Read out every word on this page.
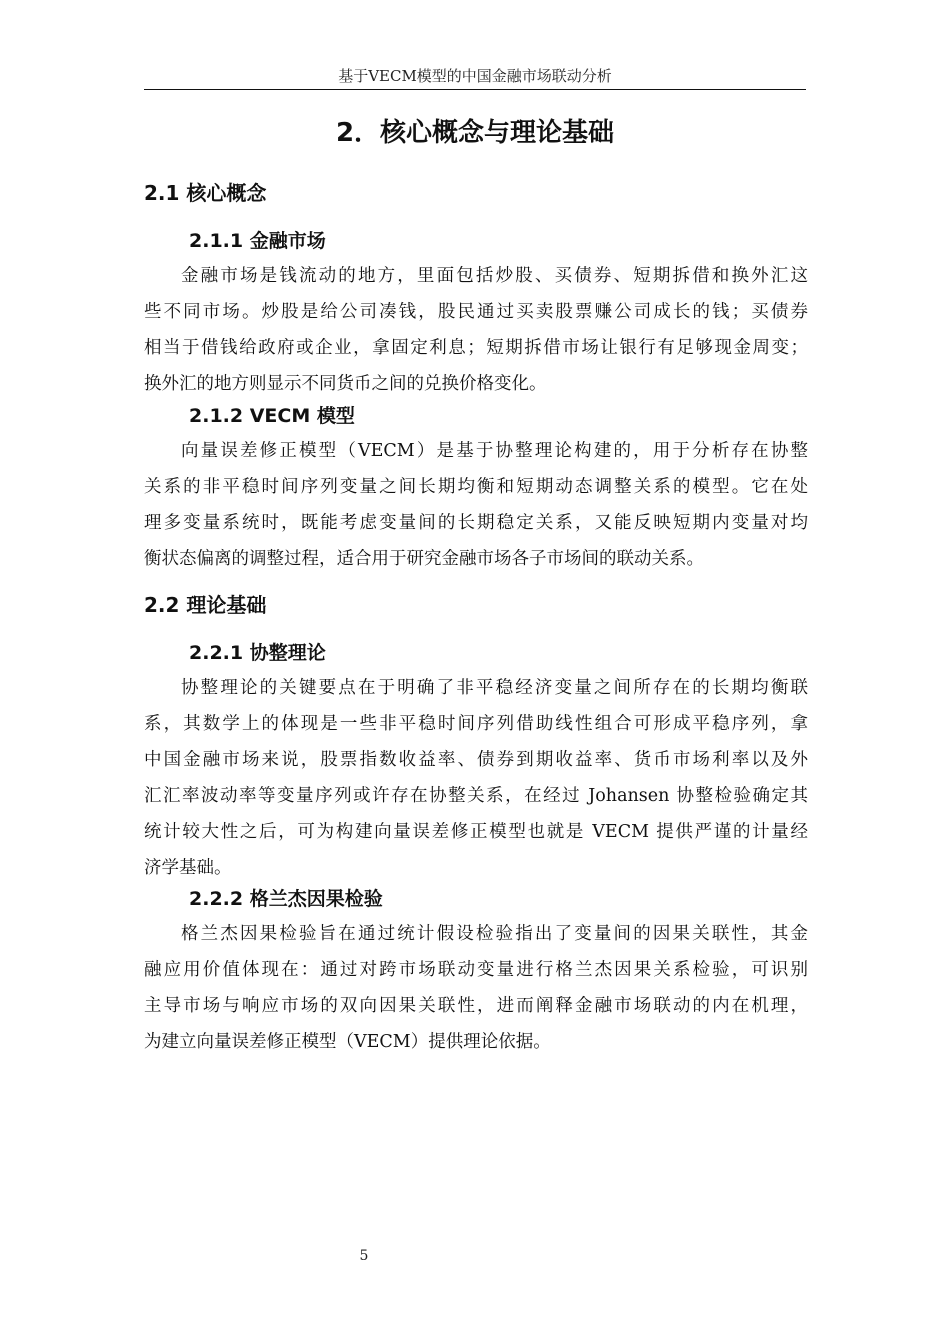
基于VECM模型的中国金融市场联动分析
2．核心概念与理论基础
2.1 核心概念
2.1.1 金融市场
金融市场是钱流动的地方，里面包括炒股、买债券、短期拆借和换外汇这
些不同市场。炒股是给公司凑钱，股民通过买卖股票赚公司成长的钱；买债券
相当于借钱给政府或企业，拿固定利息；短期拆借市场让银行有足够现金周变；
换外汇的地方则显示不同货币之间的兑换价格变化。
2.1.2 VECM 模型
向量误差修正模型（VECM）是基于协整理论构建的，用于分析存在协整
关系的非平稳时间序列变量之间长期均衡和短期动态调整关系的模型。它在处
理多变量系统时，既能考虑变量间的长期稳定关系，又能反映短期内变量对均
衡状态偏离的调整过程，适合用于研究金融市场各子市场间的联动关系。
2.2 理论基础
2.2.1 协整理论
协整理论的关键要点在于明确了非平稳经济变量之间所存在的长期均衡联
系，其数学上的体现是一些非平稳时间序列借助线性组合可形成平稳序列，拿
中国金融市场来说，股票指数收益率、债券到期收益率、货币市场利率以及外
汇汇率波动率等变量序列或许存在协整关系，在经过 Johansen 协整检验确定其
统计较大性之后，可为构建向量误差修正模型也就是 VECM 提供严谨的计量经
济学基础。
2.2.2 格兰杰因果检验
格兰杰因果检验旨在通过统计假设检验指出了变量间的因果关联性，其金
融应用价值体现在：通过对跨市场联动变量进行格兰杰因果关系检验，可识别
主导市场与响应市场的双向因果关联性，进而阐释金融市场联动的内在机理，
为建立向量误差修正模型（VECM）提供理论依据。
5
